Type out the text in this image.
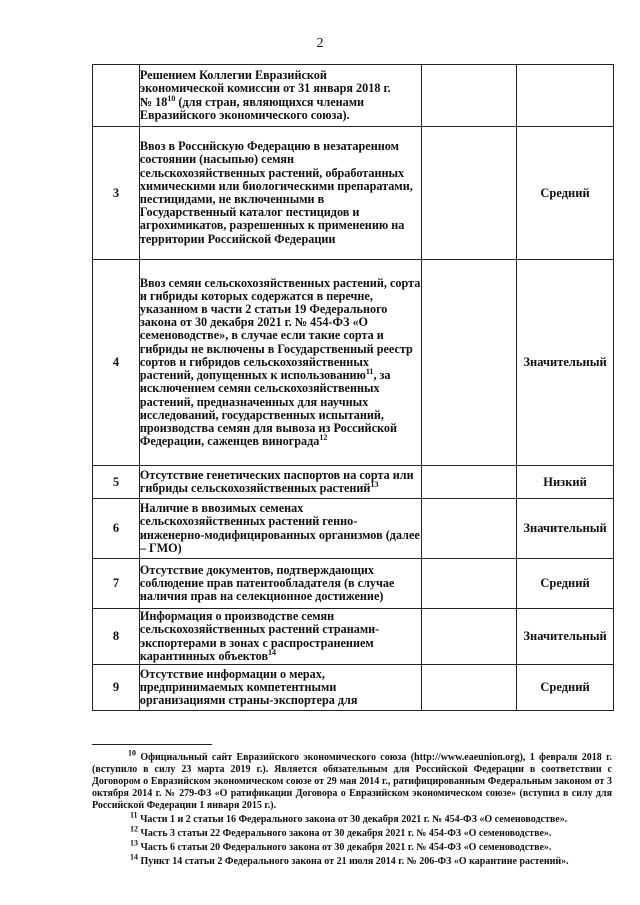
2
	Решением Коллегии Евразийской
экономической комиссии от 31 января 2018 г.
№ $18^{10}$ (для стран, являющихся членами Евразийского экономического союза).		
3	Ввоз в Российскую Федерацию в незатаренном состоянии (насыпью) семян сельскохозяйственных растений, обработанных химическими или биологическими препаратами, пестицидами, не включенными в Государственный каталог пестицидов и агрохимикатов, разрешенных к применению на территории Российской Федерации		Средний
4	Ввоз семян сельскохозяйственных растений, сорта и гибриды которых содержатся в перечне, указанном в части 2 статьи 19 Федерального закона от 30 декабря 2021 г. № 454-ФЗ «О семеноводстве», в случае если такие сорта и гибриды не включены в Государственный реестр сортов и гибридов сельскохозяйственных растений, допущенных к использованию$^{11}$, за исключением семян сельскохозяйственных растений, предназначенных для научных исследований, государственных испытаний, производства семян для вывоза из Российской Федерации, саженцев винограда$^{12}$		Значительный
5	Отсутствие генетических паспортов на сорта или гибриды сельскохозяйственных растений$^{13}$		Низкий
6	Наличие в ввозимых семенах сельскохозяйственных растений генно-инженерно-модифицированных организмов (далее – ГМО)		Значительный
7	Отсутствие документов, подтверждающих соблюдение прав патентообладателя (в случае наличия прав на селекционное достижение)		Средний
8	Информация о производстве семян сельскохозяйственных растений странами-экспортерами в зонах с распространением карантинных объектов$^{14}$		Значительный
9	Отсутствие информации о мерах, предпринимаемых компетентными организациями страны-экспортера для		Средний

$^{10}$ Официальный сайт Евразийского экономического союза (http://www.eaeunion.org), 1 февраля 2018 г. (вступило в силу 23 марта 2019 г.). Является обязательным для Российской Федерации в соответствии с Договором о Евразийском экономическом союзе от 29 мая 2014 г., ратифицированным Федеральным законом от 3 октября 2014 г. № 279-ФЗ «О ратификации Договора о Евразийском экономическом союзе» (вступил в силу для Российской Федерации 1 января 2015 г.).

$^{11}$ Части 1 и 2 статьи 16 Федерального закона от 30 декабря 2021 г. № 454-ФЗ «О семеноводстве».

$^{12}$ Часть 3 статьи 22 Федерального закона от 30 декабря 2021 г. № 454-ФЗ «О семеноводстве».

$^{13}$ Часть 6 статьи 20 Федерального закона от 30 декабря 2021 г. № 454-ФЗ «О семеноводстве».

$^{14}$ Пункт 14 статьи 2 Федерального закона от 21 июля 2014 г. № 206-ФЗ «О карантине растений».
